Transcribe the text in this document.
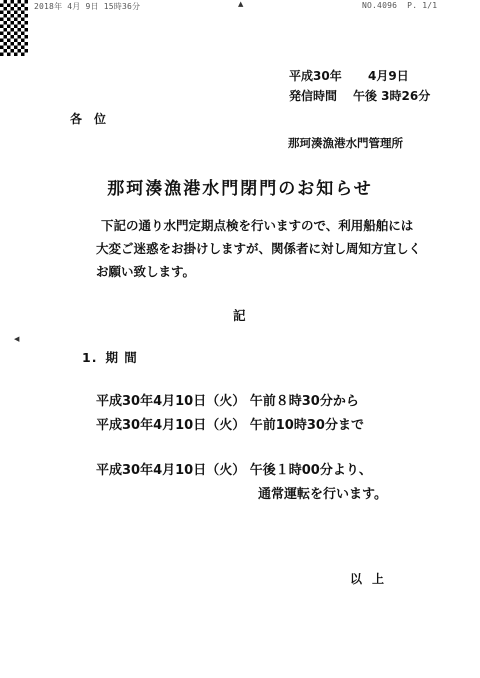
2018年 4月 9日 15時36分	▲	NO.4096 P. 1/1
◀
平成30年 4月9日
発信時間 午後 3時26分
各位
那珂湊漁港水門管理所
那珂湊漁港水門閉門のお知らせ
下記の通り水門定期点検を行いますので、利用船舶には
大変ご迷惑をお掛けしますが、関係者に対し周知方宜しく
お願い致します。
記
1. 期 間
平成30年4月10日（火） 午前８時30分から
平成30年4月10日（火） 午前10時30分まで
平成30年4月10日（火） 午後１時00分より、
通常運転を行います。
以上
